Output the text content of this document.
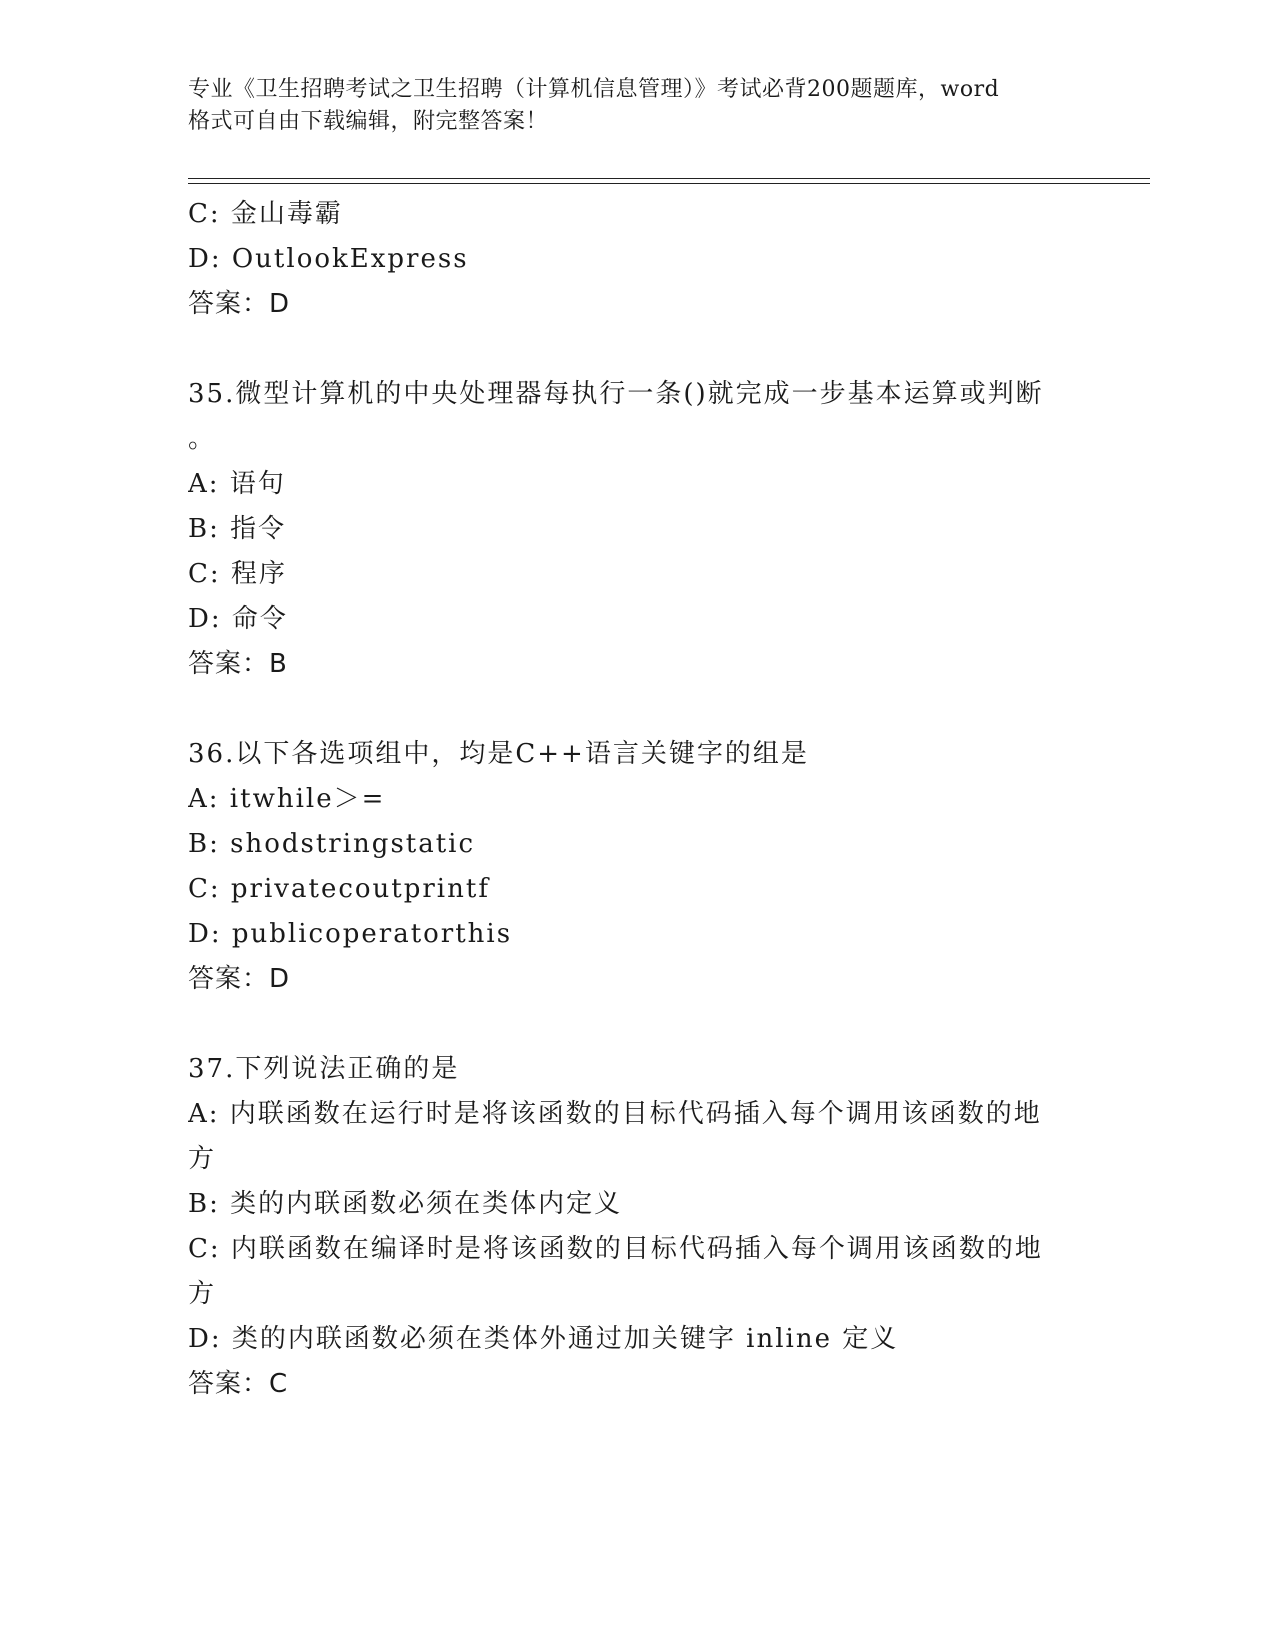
专业《卫生招聘考试之卫生招聘（计算机信息管理）》考试必背200题题库，word
格式可自由下载编辑，附完整答案！
C: 金山毒霸
D: OutlookExpress
答案：D
35.微型计算机的中央处理器每执行一条()就完成一步基本运算或判断
。
A: 语句
B: 指令
C: 程序
D: 命令
答案：B
36.以下各选项组中，均是C++语言关键字的组是
A: itwhile＞=
B: shodstringstatic
C: privatecoutprintf
D: publicoperatorthis
答案：D
37.下列说法正确的是
A: 内联函数在运行时是将该函数的目标代码插入每个调用该函数的地
方
B: 类的内联函数必须在类体内定义
C: 内联函数在编译时是将该函数的目标代码插入每个调用该函数的地
方
D: 类的内联函数必须在类体外通过加关键字 inline 定义
答案：C
